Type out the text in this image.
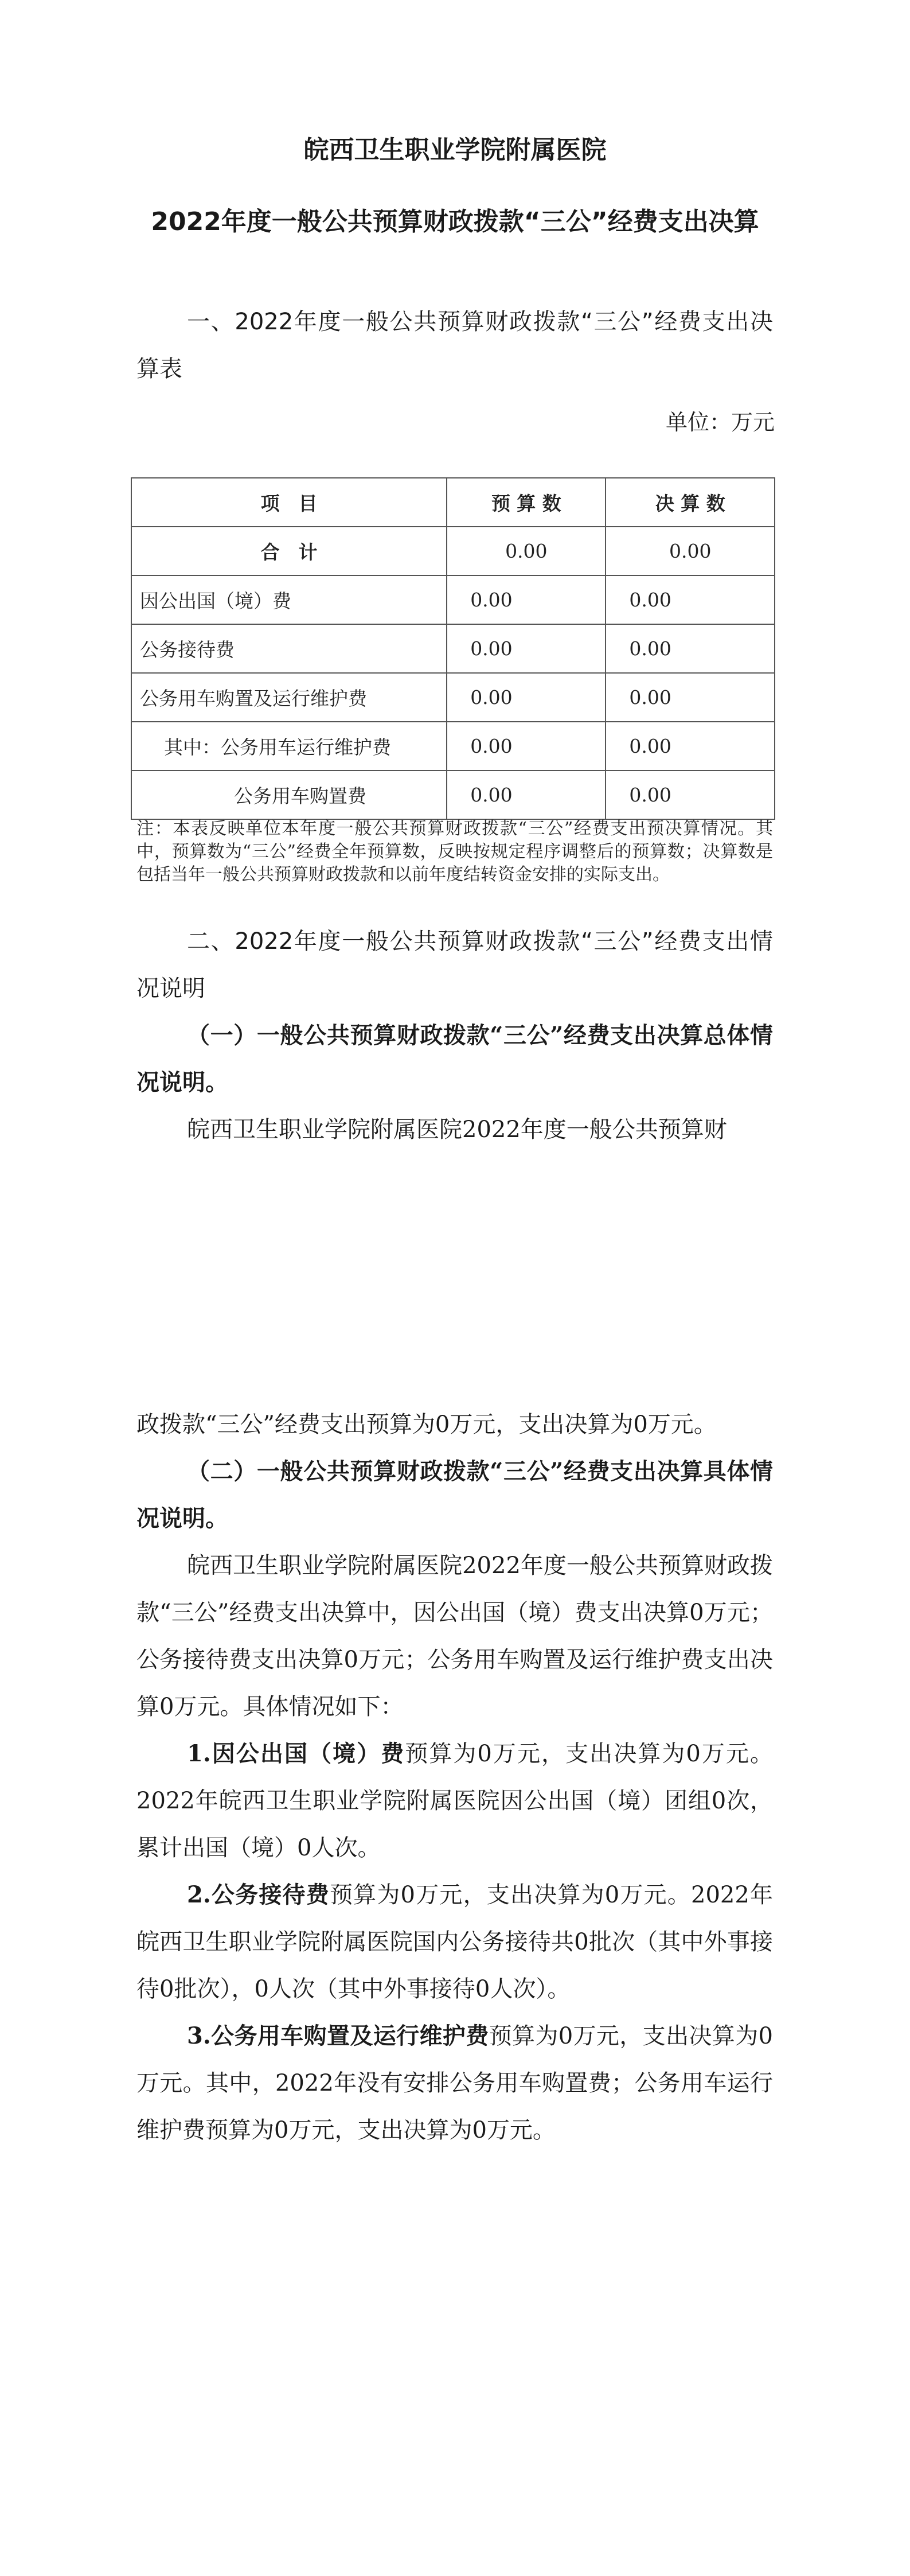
皖西卫生职业学院附属医院
2022年度一般公共预算财政拨款“三公”经费支出决算

一、2022年度一般公共预算财政拨款“三公”经费支出决算表

单位：万元
项　目	预 算 数	决 算 数
合　计	0.00	0.00
因公出国（境）费	0.00	0.00
公务接待费	0.00	0.00
公务用车购置及运行维护费	0.00	0.00
其中：公务用车运行维护费	0.00	0.00
公务用车购置费	0.00	0.00

注：本表反映单位本年度一般公共预算财政拨款“三公”经费支出预决算情况。其中，预算数为“三公”经费全年预算数，反映按规定程序调整后的预算数；决算数是包括当年一般公共预算财政拨款和以前年度结转资金安排的实际支出。

二、2022年度一般公共预算财政拨款“三公”经费支出情况说明

（一）一般公共预算财政拨款“三公”经费支出决算总体情况说明。

皖西卫生职业学院附属医院2022年度一般公共预算财

政拨款“三公”经费支出预算为0万元，支出决算为0万元。

（二）一般公共预算财政拨款“三公”经费支出决算具体情况说明。

皖西卫生职业学院附属医院2022年度一般公共预算财政拨款“三公”经费支出决算中，因公出国（境）费支出决算0万元；公务接待费支出决算0万元；公务用车购置及运行维护费支出决算0万元。具体情况如下：

1.因公出国（境）费预算为0万元，支出决算为0万元。2022年皖西卫生职业学院附属医院因公出国（境）团组0次，累计出国（境）0人次。

2.公务接待费预算为0万元，支出决算为0万元。2022年皖西卫生职业学院附属医院国内公务接待共0批次（其中外事接待0批次），0人次（其中外事接待0人次）。

3.公务用车购置及运行维护费预算为0万元，支出决算为0万元。其中，2022年没有安排公务用车购置费；公务用车运行维护费预算为0万元，支出决算为0万元。
